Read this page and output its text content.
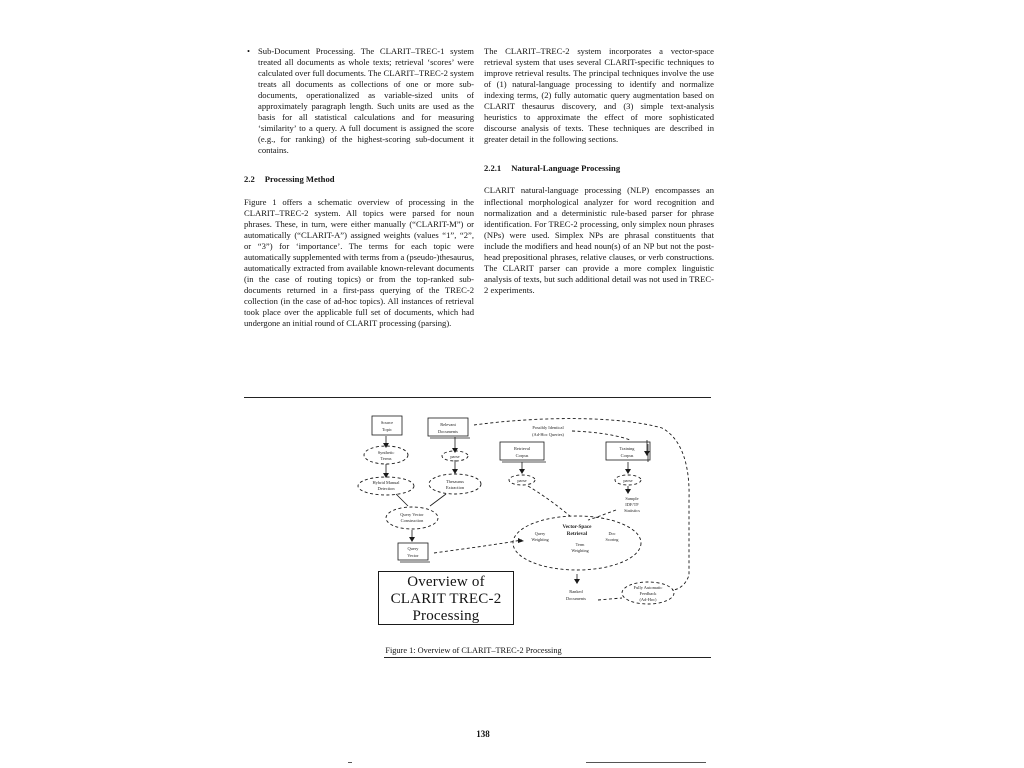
• Sub-Document Processing. The CLARIT–TREC-1 system treated all documents as whole texts; retrieval ‘scores’ were calculated over full documents. The CLARIT–TREC-2 system treats all documents as collections of one or more sub-documents, operationalized as variable-sized units of approximately paragraph length. Such units are used as the basis for all statistical calculations and for measuring ‘similarity’ to a query. A full document is assigned the score (e.g., for ranking) of the highest-scoring sub-document it contains.

2.2 Processing Method

Figure 1 offers a schematic overview of processing in the CLARIT–TREC-2 system. All topics were parsed for noun phrases. These, in turn, were either manually (“CLARIT-M”) or automatically (“CLARIT-A”) assigned weights (values “1”, “2”, or “3”) for ‘importance’. The terms for each topic were automatically supplemented with terms from a (pseudo-)thesaurus, automatically extracted from available known-relevant documents (in the case of routing topics) or from the top-ranked sub-documents returned in a first-pass querying of the TREC-2 collection (in the case of ad-hoc topics). All instances of retrieval took place over the applicable full set of documents, which had undergone an initial round of CLARIT processing (parsing).

The CLARIT–TREC-2 system incorporates a vector-space retrieval system that uses several CLARIT-specific techniques to improve retrieval results. The principal techniques involve the use of (1) natural-language processing to identify and normalize indexing terms, (2) fully automatic query augmentation based on CLARIT thesaurus discovery, and (3) simple text-analysis heuristics to approximate the effect of more sophisticated discourse analysis of texts. These techniques are described in greater detail in the following sections.

2.2.1 Natural-Language Processing

CLARIT natural-language processing (NLP) encompasses an inflectional morphological analyzer for word recognition and normalization and a deterministic rule-based parser for phrase identification. For TREC-2 processing, only simplex noun phrases (NPs) were used. Simplex NPs are phrasal constituents that include the modifiers and head noun(s) of an NP but not the post-head prepositional phrases, relative clauses, or verb constructions. The CLARIT parser can provide a more complex linguistic analysis of texts, but such additional detail was not used in TREC-2 experiments.

Source
Topic
Relevant
Documents
Possibly Identical
(Ad-Hoc Queries)
Retrieval
Corpus
Training
Corpus
Synthetic
Terms	parse
parse	parse
Hybrid Manual
Detection
Thesaurus
Extraction
Query Vector
Construction
Query
Vector
Sample
IDF/TF
Statistics
Vector-Space
Retrieval
Query
Weighting
Doc
Scoring
Term
Weighting
Ranked
Documents
Fully Automatic
Feedback
(Ad-Hoc)
Overview of
CLARIT TREC-2
Processing
Figure 1: Overview of CLARIT–TREC-2 Processing
138
